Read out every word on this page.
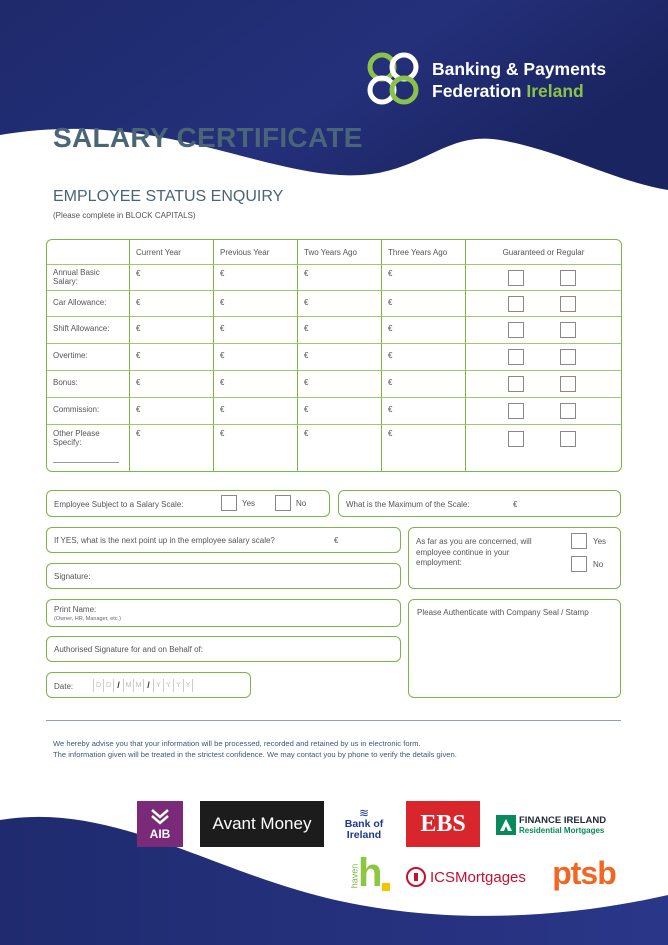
Banking & Payments
Federation Ireland
SALARY CERTIFICATE
EMPLOYEE STATUS ENQUIRY
(Please complete in BLOCK CAPITALS)
	Current Year	Previous Year	Two Years Ago	Three Years Ago	Guaranteed or Regular
Annual Basic Salary:	€	€	€	€	

Car Allowance:	€	€	€	€	

Shift Allowance:	€	€	€	€	

Overtime:	€	€	€	€	

Bonus:	€	€	€	€	

Commission:	€	€	€	€	

Other Please Specify:	€	€	€	€	
Employee Subject to a Salary Scale:	Yes	No	What is the Maximum of the Scale:	€
If YES, what is the next point up in the employee salary scale?	€	As far as you are concerned, will employee continue in your employment:
Yes
No
Signature:
Print Name:
(Owner, HR, Manager, etc.)
Please Authenticate with Company Seal / Stamp
Authorised Signature for and on Behalf of:
Date:	D D / M M / Y Y Y Y
We hereby advise you that your information will be processed, recorded and retained by us in electronic form.
The information given will be treated in the strictest confidence. We may contact you by phone to verify the details given.
AIB
Avant Money
≋
Bank of
Ireland EBS	FINANCE IRELAND
Residential Mortgages
haven
h	ICSMortgages ptsb
